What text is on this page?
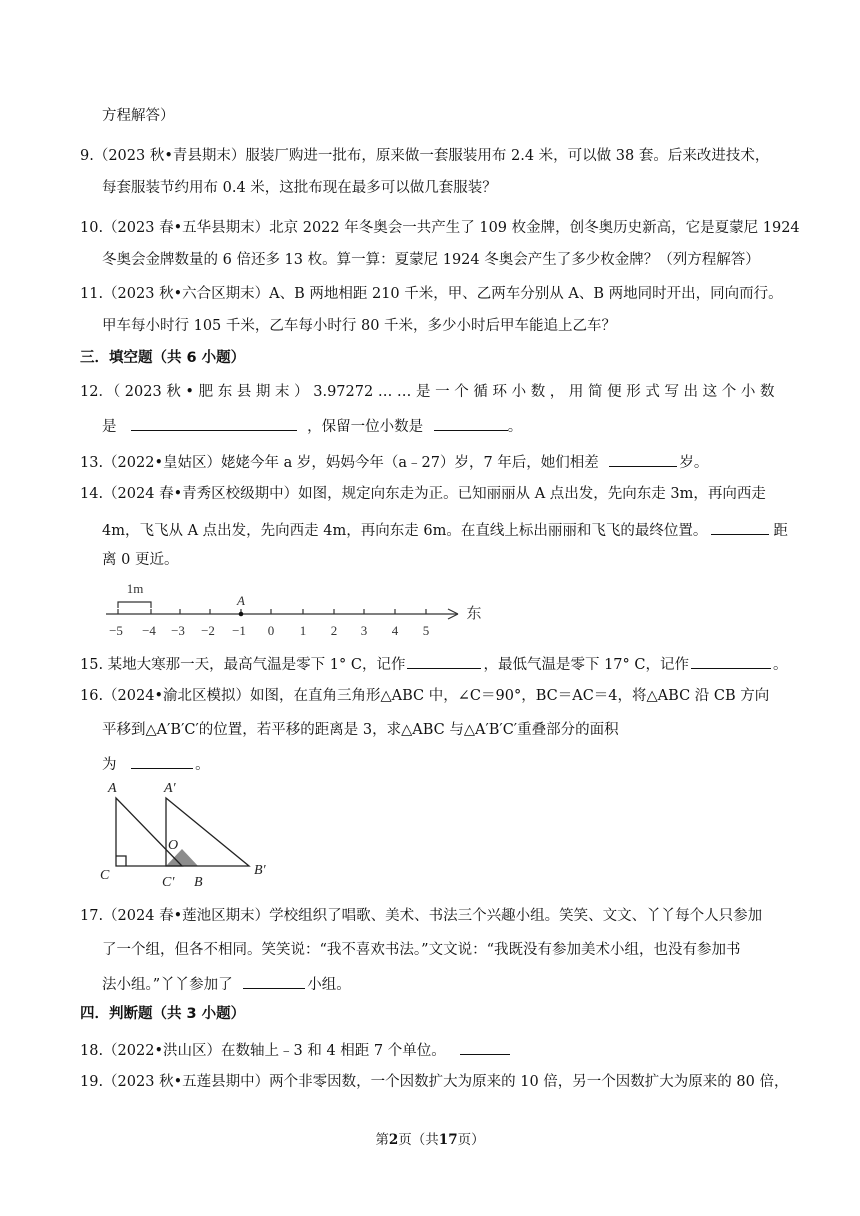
方程解答）
9.（2023 秋•青县期末）服装厂购进一批布，原来做一套服装用布 2.4 米，可以做 38 套。后来改进技术，
每套服装节约用布 0.4 米，这批布现在最多可以做几套服装？
10.（2023 春•五华县期末）北京 2022 年冬奥会一共产生了 109 枚金牌，创冬奥历史新高，它是夏蒙尼 1924
冬奥会金牌数量的 6 倍还多 13 枚。算一算：夏蒙尼 1924 冬奥会产生了多少枚金牌？（列方程解答）
11.（2023 秋•六合区期末）A、B 两地相距 210 千米，甲、乙两车分别从 A、B 两地同时开出，同向而行。
甲车每小时行 105 千米，乙车每小时行 80 千米，多少小时后甲车能追上乙车？
三．填空题（共 6 小题）
12．（ 2023 秋 • 肥 东 县 期 末 ） 3.97272 … … 是 一 个 循 环 小 数 ， 用 简 便 形 式 写 出 这 个 小 数
是	，保留一位小数是	。
13.（2022•皇姑区）姥姥今年 a 岁，妈妈今年（a﹣27）岁，7 年后，她们相差	岁。
14.（2024 春•青秀区校级期中）如图，规定向东走为正。已知丽丽从 A 点出发，先向东走 3m，再向西走
4m，飞飞从 A 点出发，先向西走 4m，再向东走 6m。在直线上标出丽丽和飞飞的最终位置。	距
离 0 更近。
1m
A
东
−5 −4 −3 −2 −1 0 1 2 3 4 5
15. 某地大寒那一天，最高气温是零下 1° C，记作	，最低气温是零下 17° C，记作	。
16.（2024•渝北区模拟）如图，在直角三角形△ABC 中，∠C＝90°，BC＝AC＝4，将△ABC 沿 CB 方向
平移到△A′B′C′的位置，若平移的距离是 3，求△ABC 与△A′B′C′重叠部分的面积
为	。
A	A′
O
C	C′ B
B′
17.（2024 春•莲池区期末）学校组织了唱歌、美术、书法三个兴趣小组。笑笑、文文、丫丫每个人只参加
了一个组，但各不相同。笑笑说：“我不喜欢书法。”文文说：“我既没有参加美术小组，也没有参加书
法小组。”丫丫参加了	小组。
四．判断题（共 3 小题）
18.（2022•洪山区）在数轴上﹣3 和 4 相距 7 个单位。
19.（2023 秋•五莲县期中）两个非零因数，一个因数扩大为原来的 10 倍，另一个因数扩大为原来的 80 倍，
第2页（共17页）
